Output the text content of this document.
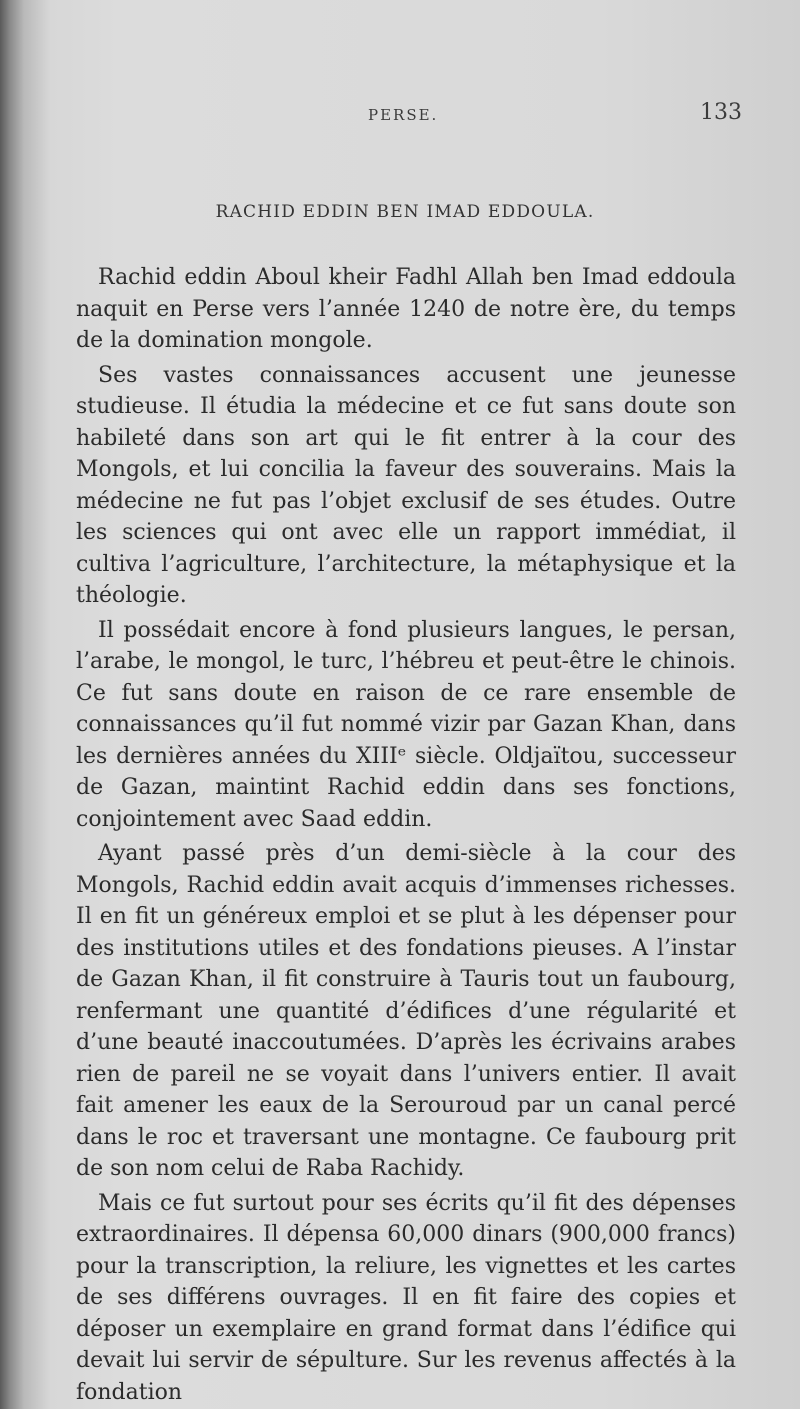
PERSE.	133
RACHID EDDIN BEN IMAD EDDOULA.

Rachid eddin Aboul kheir Fadhl Allah ben Imad eddoula naquit en Perse vers l’année 1240 de notre ère, du temps de la domination mongole.

Ses vastes connaissances accusent une jeunesse studieuse. Il étudia la médecine et ce fut sans doute son habileté dans son art qui le fit entrer à la cour des Mongols, et lui concilia la faveur des souverains. Mais la médecine ne fut pas l’objet exclusif de ses études. Outre les sciences qui ont avec elle un rapport immédiat, il cultiva l’agriculture, l’architecture, la métaphysique et la théologie.

Il possédait encore à fond plusieurs langues, le persan, l’arabe, le mongol, le turc, l’hébreu et peut-être le chinois. Ce fut sans doute en raison de ce rare ensemble de connaissances qu’il fut nommé vizir par Gazan Khan, dans les dernières années du XIIIᵉ siècle. Oldjaïtou, successeur de Gazan, maintint Rachid eddin dans ses fonctions, conjointement avec Saad eddin.

Ayant passé près d’un demi-siècle à la cour des Mongols, Rachid eddin avait acquis d’immenses richesses. Il en fit un généreux emploi et se plut à les dépenser pour des institutions utiles et des fondations pieuses. A l’instar de Gazan Khan, il fit construire à Tauris tout un faubourg, renfermant une quantité d’édifices d’une régularité et d’une beauté inaccoutumées. D’après les écrivains arabes rien de pareil ne se voyait dans l’univers entier. Il avait fait amener les eaux de la Serouroud par un canal percé dans le roc et traversant une montagne. Ce faubourg prit de son nom celui de Raba Rachidy.

Mais ce fut surtout pour ses écrits qu’il fit des dépenses extraordinaires. Il dépensa 60,000 dinars (900,000 francs) pour la transcription, la reliure, les vignettes et les cartes de ses différens ouvrages. Il en fit faire des copies et déposer un exemplaire en grand format dans l’édifice qui devait lui servir de sépulture. Sur les revenus affectés à la fondation
